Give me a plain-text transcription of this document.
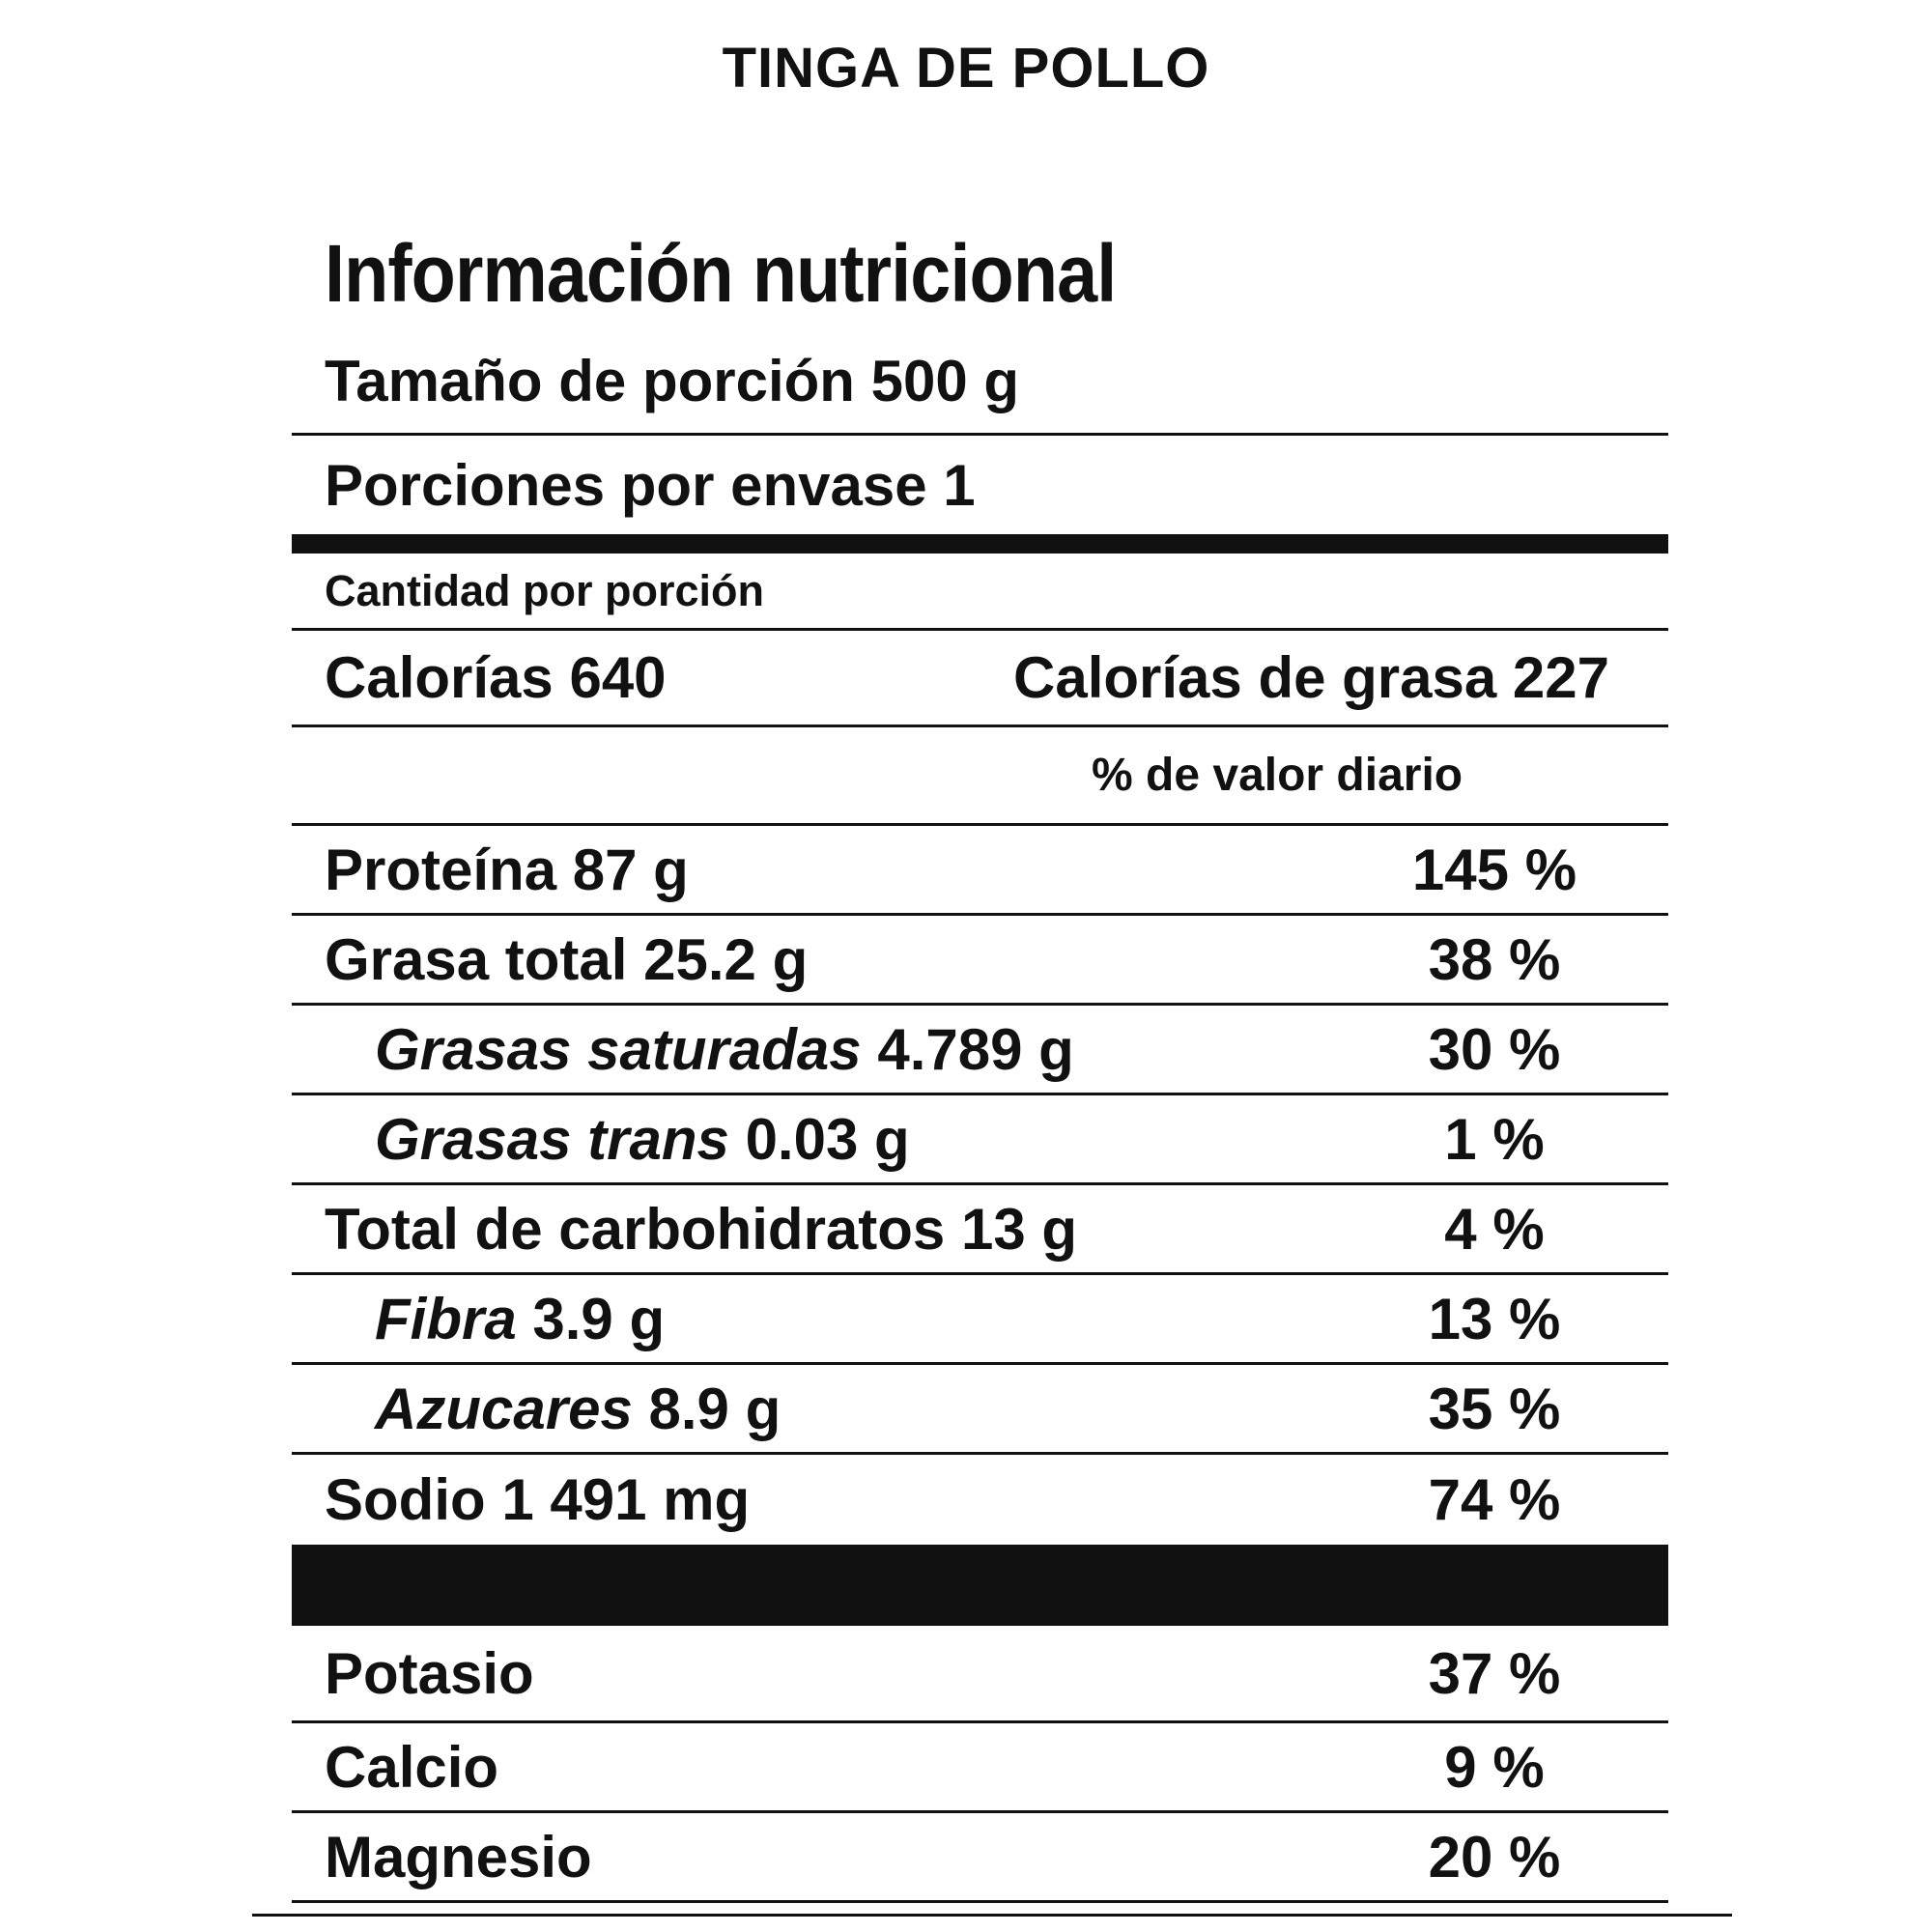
TINGA DE POLLO
Información nutricional
Tamaño de porción 500 g
Porciones por envase 1
Cantidad por porción
Calorías 640	Calorías de grasa 227
% de valor diario
Proteína 87 g	145 %
Grasa total 25.2 g	38 %
Grasas saturadas 4.789 g	30 %
Grasas trans 0.03 g	1 %
Total de carbohidratos 13 g	4 %
Fibra 3.9 g	13 %
Azucares 8.9 g	35 %
Sodio 1 491 mg	74 %
Potasio	37 %
Calcio	9 %
Magnesio	20 %
